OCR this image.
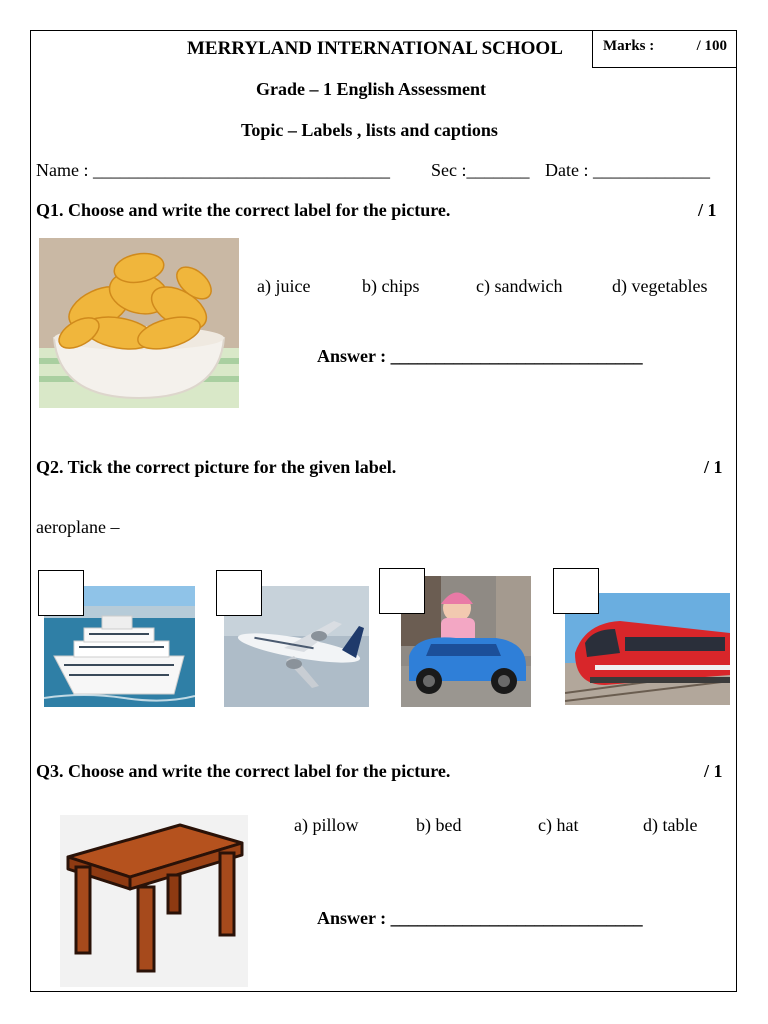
MERRYLAND INTERNATIONAL SCHOOL	Marks :	/ 100
Grade – 1 English Assessment
Topic – Labels , lists and captions
Name : _________________________________ Sec :_______ Date : _____________
Q1. Choose and write the correct label for the picture.	/ 1
a) juice	b) chips	c) sandwich	d) vegetables
Answer : ____________________________
Q2. Tick the correct picture for the given label.	/ 1
aeroplane –
Q3. Choose and write the correct label for the picture.	/ 1
a) pillow	b) bed	c) hat	d) table
Answer : ____________________________
